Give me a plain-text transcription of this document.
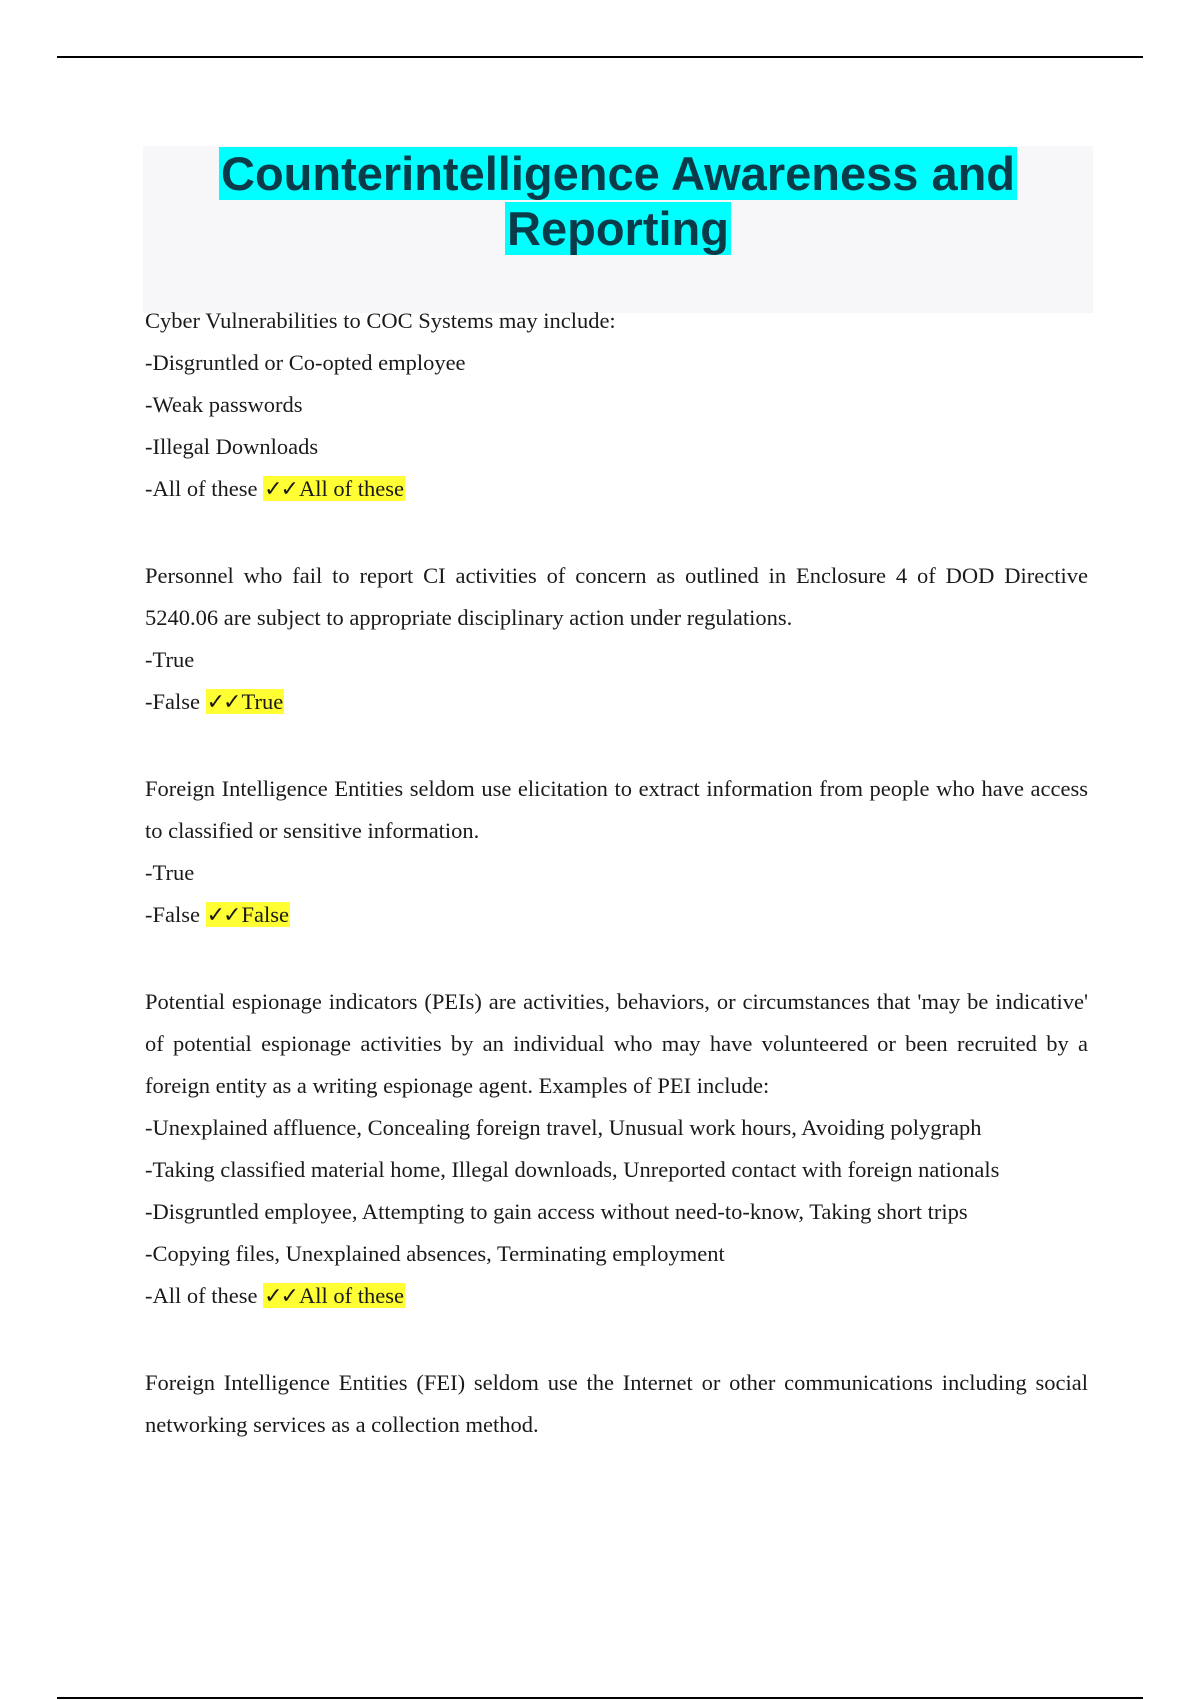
Counterintelligence Awareness and
Reporting
Cyber Vulnerabilities to COC Systems may include:
-Disgruntled or Co-opted employee
-Weak passwords
-Illegal Downloads
-All of these ✓✓All of these
Personnel who fail to report CI activities of concern as outlined in Enclosure 4 of DOD Directive 5240.06 are subject to appropriate disciplinary action under regulations.
-True
-False ✓✓True
Foreign Intelligence Entities seldom use elicitation to extract information from people who have access to classified or sensitive information.
-True
-False ✓✓False
Potential espionage indicators (PEIs) are activities, behaviors, or circumstances that 'may be indicative' of potential espionage activities by an individual who may have volunteered or been recruited by a foreign entity as a writing espionage agent. Examples of PEI include:
-Unexplained affluence, Concealing foreign travel, Unusual work hours, Avoiding polygraph
-Taking classified material home, Illegal downloads, Unreported contact with foreign nationals
-Disgruntled employee, Attempting to gain access without need-to-know, Taking short trips
-Copying files, Unexplained absences, Terminating employment
-All of these ✓✓All of these
Foreign Intelligence Entities (FEI) seldom use the Internet or other communications including social networking services as a collection method.
